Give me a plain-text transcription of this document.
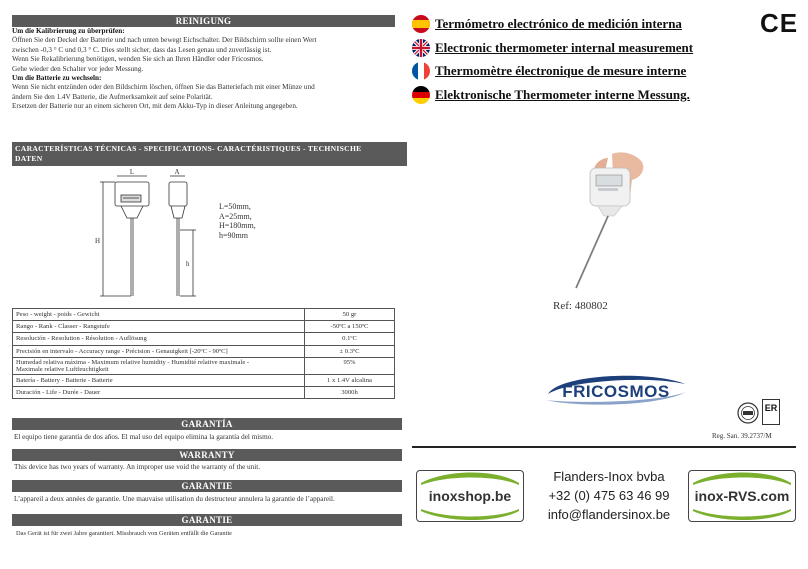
REINIGUNG
Um die Kalibrierung zu überprüfen:
Öffnen Sie den Deckel der Batterie und nach unten bewegt Eichschalter. Der Bildschirm sollte einen Wert
zwischen -0,3 ° C und 0,3 ° C. Dies stellt sicher, dass das Lesen genau und zuverlässig ist.
Wenn Sie Rekalibrierung benötigen, wenden Sie sich an Ihren Händler oder Fricosmos.
Gehe wieder den Schalter vor jeder Messung.
Um die Batterie zu wechseln:
Wenn Sie nicht entzünden oder den Bildschirm löschen, öffnen Sie das Batteriefach mit einer Münze und
ändern Sie den 1.4V Batterie, die Aufmerksamkeit auf seine Polarität.
Ersetzen der Batterie nur an einem sicheren Ort, mit dem Akku-Typ in dieser Anleitung angegeben.
CARACTERÍSTICAS TÉCNICAS - SPECIFICATIONS- CARACTÉRISTIQUES - TECHNISCHE
DATEN
L	A
H
h
L=50mm,
A=25mm,
H=180mm,
h=90mm
Peso - weight - poids - Gewicht	50 gr
Rango - Rank - Classer - Rangstufe	-50ºC a 150ºC
Resolución - Resolution - Résolution - Auflösung	0.1ºC
Precisión en intervalo - Accuracy range - Précision - Genauigkeit [-20ºC - 90ºC]	± 0.3ºC

Humedad relativa máxima - Maximum relative humidity - Humidité relative maximale -
Maximale relative Luftfeuchtigkeit	95%
Batería - Battery - Batterie - Batterie	1 x 1.4V alcalina
Duración - Life - Durée - Dauer	3000h
GARANTÍA
El equipo tiene garantía de dos años. El mal uso del equipo elimina la garantía del mismo.
WARRANTY
This device has two years of warranty. An improper use void the warranty of the unit.
GARANTIE
L’appareil a deux années de garantie. Une mauvaise utilisation du destructeur annulera la garantie de l’appareil.
GARANTIE
Das Gerät ist für zwei Jahre garantiert. Missbrauch von Geräten entfällt die Garantie
Termómetro electrónico de medición interna
Electronic thermometer internal measurement
Thermomètre électronique de mesure interne
Elektronische Thermometer interne Messung.
CE
Ref: 480802
FRICOSMOS
ER
Reg. San. 39.2737/M
inoxshop.be
Flanders-Inox bvba
+32 (0) 475 63 46 99
info@flandersinox.be
inox-RVS.com
